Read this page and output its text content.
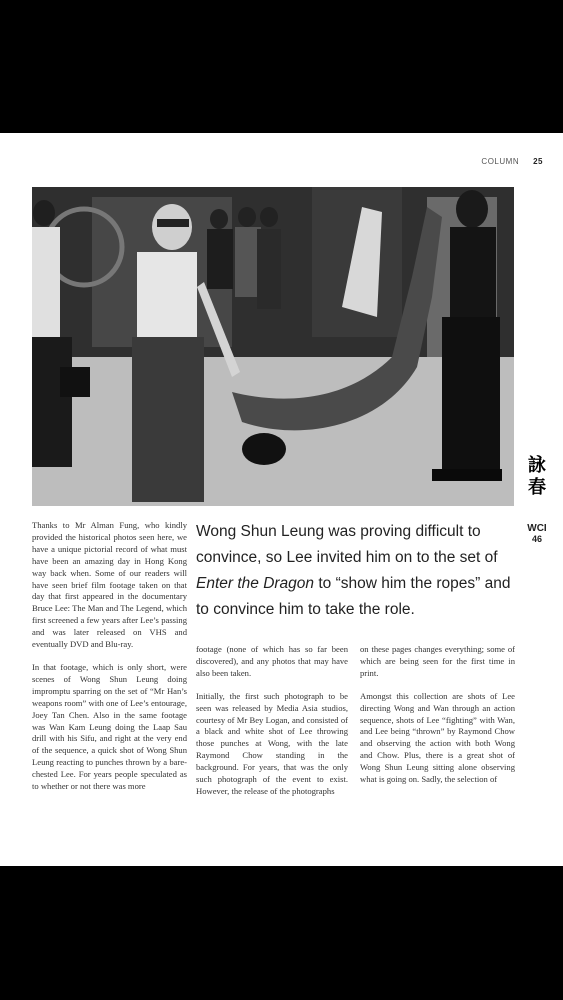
COLUMN 25
詠
春
WCI
46
Wong Shun Leung was proving difficult to convince, so Lee invited him on to the set of Enter the Dragon to “show him the ropes” and to convince him to take the role.

Thanks to Mr Alman Fung, who kindly provided the historical photos seen here, we have a unique pictorial record of what must have been an amazing day in Hong Kong way back when. Some of our readers will have seen brief film footage taken on that day that first appeared in the documentary Bruce Lee: The Man and The Legend, which first screened a few years after Lee’s passing and was later released on VHS and eventually DVD and Blu-ray.

In that footage, which is only short, were scenes of Wong Shun Leung doing impromptu sparring on the set of “Mr Han’s weapons room” with one of Lee’s entourage, Joey Tan Chen. Also in the same footage was Wan Kam Leung doing the Laap Sau drill with his Sifu, and right at the very end of the sequence, a quick shot of Wong Shun Leung reacting to punches thrown by a bare-chested Lee. For years people speculated as to whether or not there was more

footage (none of which has so far been discovered), and any photos that may have also been taken.

Initially, the first such photograph to be seen was released by Media Asia studios, courtesy of Mr Bey Logan, and consisted of a black and white shot of Lee throwing those punches at Wong, with the late Raymond Chow standing in the background. For years, that was the only such photograph of the event to exist. However, the release of the photographs

on these pages changes everything; some of which are being seen for the first time in print.

Amongst this collection are shots of Lee directing Wong and Wan through an action sequence, shots of Lee “fighting” with Wan, and Lee being “thrown” by Raymond Chow and observing the action with both Wong and Chow. Plus, there is a great shot of Wong Shun Leung sitting alone observing what is going on. Sadly, the selection of
